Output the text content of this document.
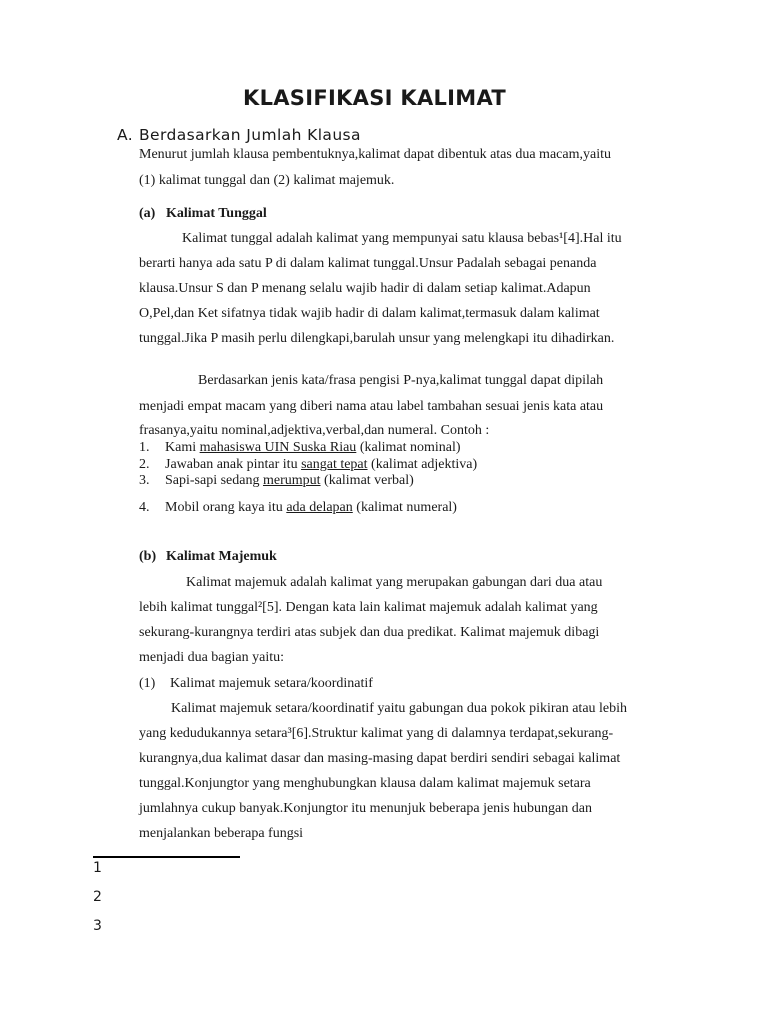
KLASIFIKASI KALIMAT
A. Berdasarkan Jumlah Klausa
Menurut jumlah klausa pembentuknya,kalimat dapat dibentuk atas dua macam,yaitu
(1) kalimat tunggal dan (2) kalimat majemuk.
(a) Kalimat Tunggal
Kalimat tunggal adalah kalimat yang mempunyai satu klausa bebas¹[4].Hal itu
berarti hanya ada satu P di dalam kalimat tunggal.Unsur Padalah sebagai penanda
klausa.Unsur S dan P menang selalu wajib hadir di dalam setiap kalimat.Adapun
O,Pel,dan Ket sifatnya tidak wajib hadir di dalam kalimat,termasuk dalam kalimat
tunggal.Jika P masih perlu dilengkapi,barulah unsur yang melengkapi itu dihadirkan.
Berdasarkan jenis kata/frasa pengisi P-nya,kalimat tunggal dapat dipilah
menjadi empat macam yang diberi nama atau label tambahan sesuai jenis kata atau
frasanya,yaitu nominal,adjektiva,verbal,dan numeral. Contoh :
1. Kami mahasiswa UIN Suska Riau (kalimat nominal)
2. Jawaban anak pintar itu sangat tepat (kalimat adjektiva)
3. Sapi-sapi sedang merumput (kalimat verbal)
4. Mobil orang kaya itu ada delapan (kalimat numeral)
(b) Kalimat Majemuk
Kalimat majemuk adalah kalimat yang merupakan gabungan dari dua atau
lebih kalimat tunggal²[5]. Dengan kata lain kalimat majemuk adalah kalimat yang
sekurang-kurangnya terdiri atas subjek dan dua predikat. Kalimat majemuk dibagi
menjadi dua bagian yaitu:
(1) Kalimat majemuk setara/koordinatif
Kalimat majemuk setara/koordinatif yaitu gabungan dua pokok pikiran atau lebih
yang kedudukannya setara³[6].Struktur kalimat yang di dalamnya terdapat,sekurang-
kurangnya,dua kalimat dasar dan masing-masing dapat berdiri sendiri sebagai kalimat
tunggal.Konjungtor yang menghubungkan klausa dalam kalimat majemuk setara
jumlahnya cukup banyak.Konjungtor itu menunjuk beberapa jenis hubungan dan
menjalankan beberapa fungsi
1
2
3
